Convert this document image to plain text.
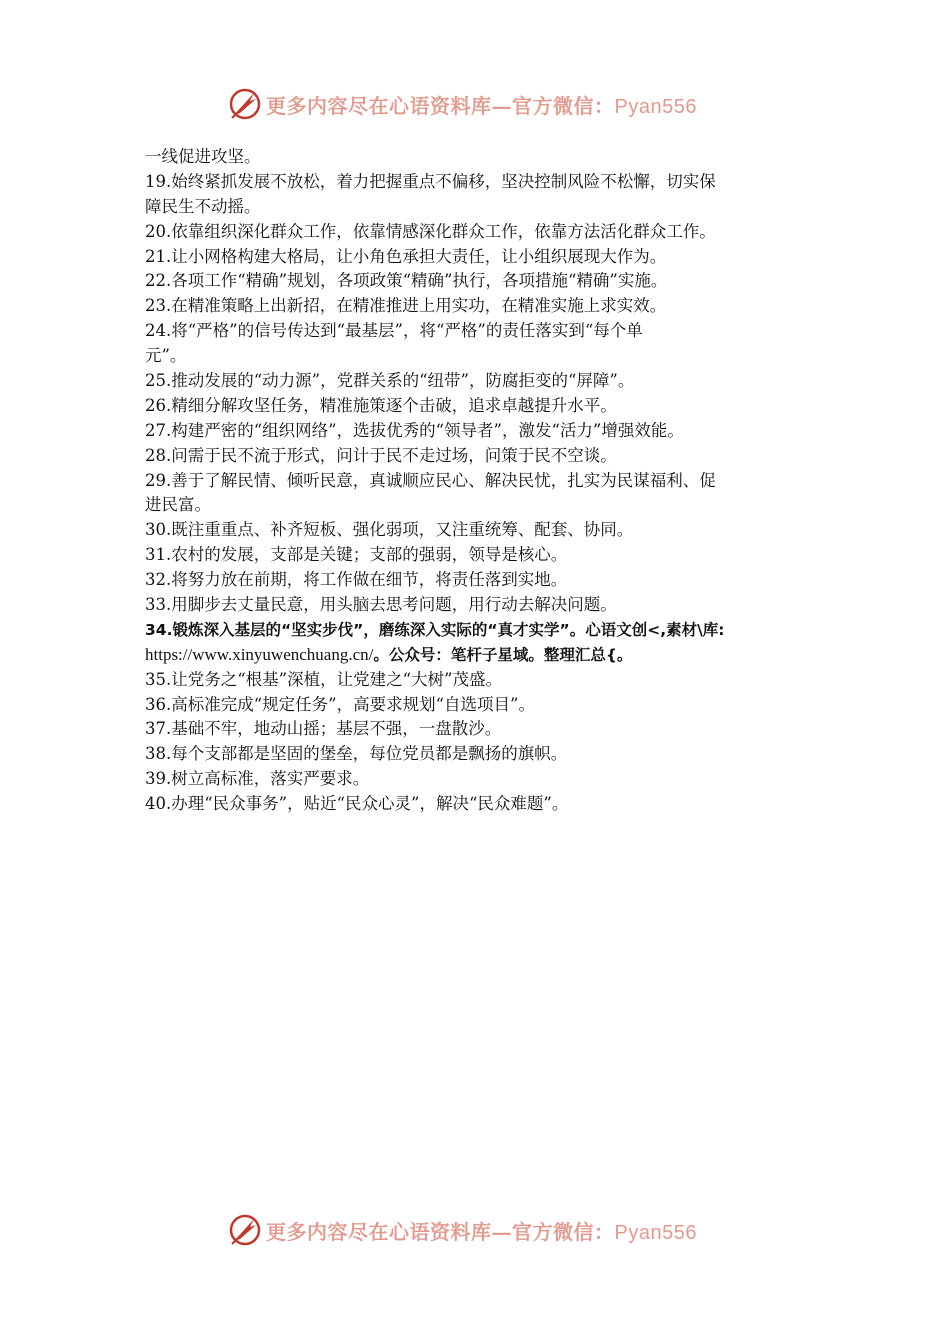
更多内容尽在心语资料库—官方微信：Pyan556
一线促进攻坚。
19.始终紧抓发展不放松，着力把握重点不偏移，坚决控制风险不松懈，切实保
障民生不动摇。
20.依靠组织深化群众工作，依靠情感深化群众工作，依靠方法活化群众工作。
21.让小网格构建大格局，让小角色承担大责任，让小组织展现大作为。
22.各项工作“精确”规划，各项政策“精确”执行，各项措施“精确”实施。
23.在精准策略上出新招，在精准推进上用实功，在精准实施上求实效。
24.将“严格”的信号传达到“最基层”，将“严格”的责任落实到“每个单
元”。
25.推动发展的“动力源”，党群关系的“纽带”，防腐拒变的“屏障”。
26.精细分解攻坚任务，精准施策逐个击破，追求卓越提升水平。
27.构建严密的“组织网络”，选拔优秀的“领导者”，激发“活力”增强效能。
28.问需于民不流于形式，问计于民不走过场，问策于民不空谈。
29.善于了解民情、倾听民意，真诚顺应民心、解决民忧，扎实为民谋福利、促
进民富。
30.既注重重点、补齐短板、强化弱项，又注重统筹、配套、协同。
31.农村的发展，支部是关键；支部的强弱，领导是核心。
32.将努力放在前期，将工作做在细节，将责任落到实地。
33.用脚步去丈量民意，用头脑去思考问题，用行动去解决问题。
34.锻炼深入基层的“坚实步伐”，磨练深入实际的“真才实学”。心语文创<,素材\库:
https://www.xinyuwenchuang.cn/。公众号：笔杆子星域。整理汇总{。
35.让党务之“根基”深植，让党建之“大树”茂盛。
36.高标准完成“规定任务”，高要求规划“自选项目”。
37.基础不牢，地动山摇；基层不强，一盘散沙。
38.每个支部都是坚固的堡垒，每位党员都是飘扬的旗帜。
39.树立高标准，落实严要求。
40.办理“民众事务”，贴近“民众心灵”，解决“民众难题”。
更多内容尽在心语资料库—官方微信：Pyan556
